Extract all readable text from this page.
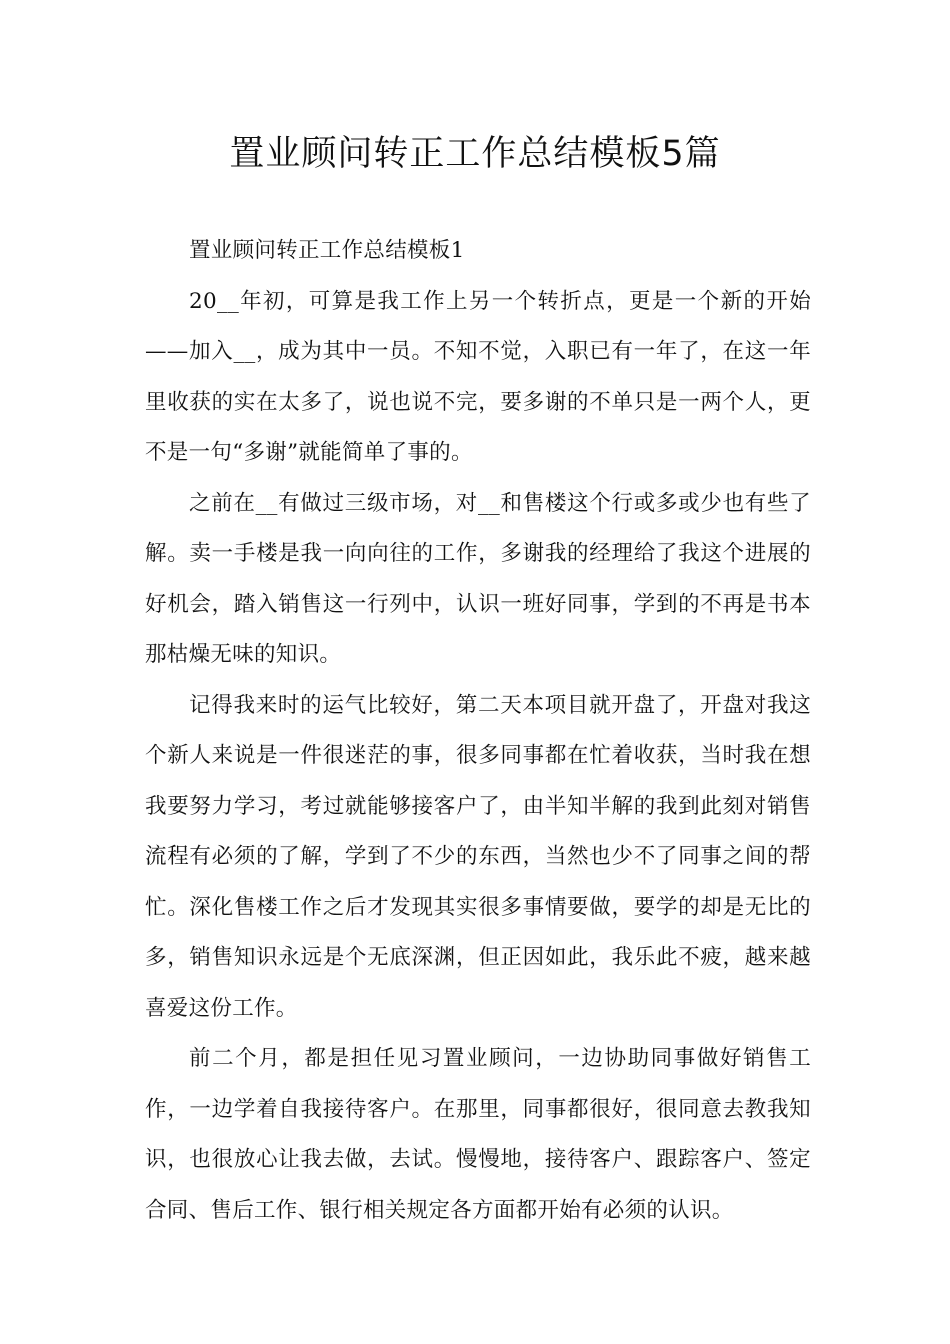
置业顾问转正工作总结模板5篇

置业顾问转正工作总结模板1

20__年初，可算是我工作上另一个转折点，更是一个新的开始——加入__，成为其中一员。不知不觉，入职已有一年了，在这一年里收获的实在太多了，说也说不完，要多谢的不单只是一两个人，更不是一句“多谢”就能简单了事的。

之前在__有做过三级市场，对__和售楼这个行或多或少也有些了解。卖一手楼是我一向向往的工作，多谢我的经理给了我这个进展的好机会，踏入销售这一行列中，认识一班好同事，学到的不再是书本那枯燥无味的知识。

记得我来时的运气比较好，第二天本项目就开盘了，开盘对我这个新人来说是一件很迷茫的事，很多同事都在忙着收获，当时我在想我要努力学习，考过就能够接客户了，由半知半解的我到此刻对销售流程有必须的了解，学到了不少的东西，当然也少不了同事之间的帮忙。深化售楼工作之后才发现其实很多事情要做，要学的却是无比的多，销售知识永远是个无底深渊，但正因如此，我乐此不疲，越来越喜爱这份工作。

前二个月，都是担任见习置业顾问，一边协助同事做好销售工作，一边学着自我接待客户。在那里，同事都很好，很同意去教我知识，也很放心让我去做，去试。慢慢地，接待客户、跟踪客户、签定合同、售后工作、银行相关规定各方面都开始有必须的认识。
